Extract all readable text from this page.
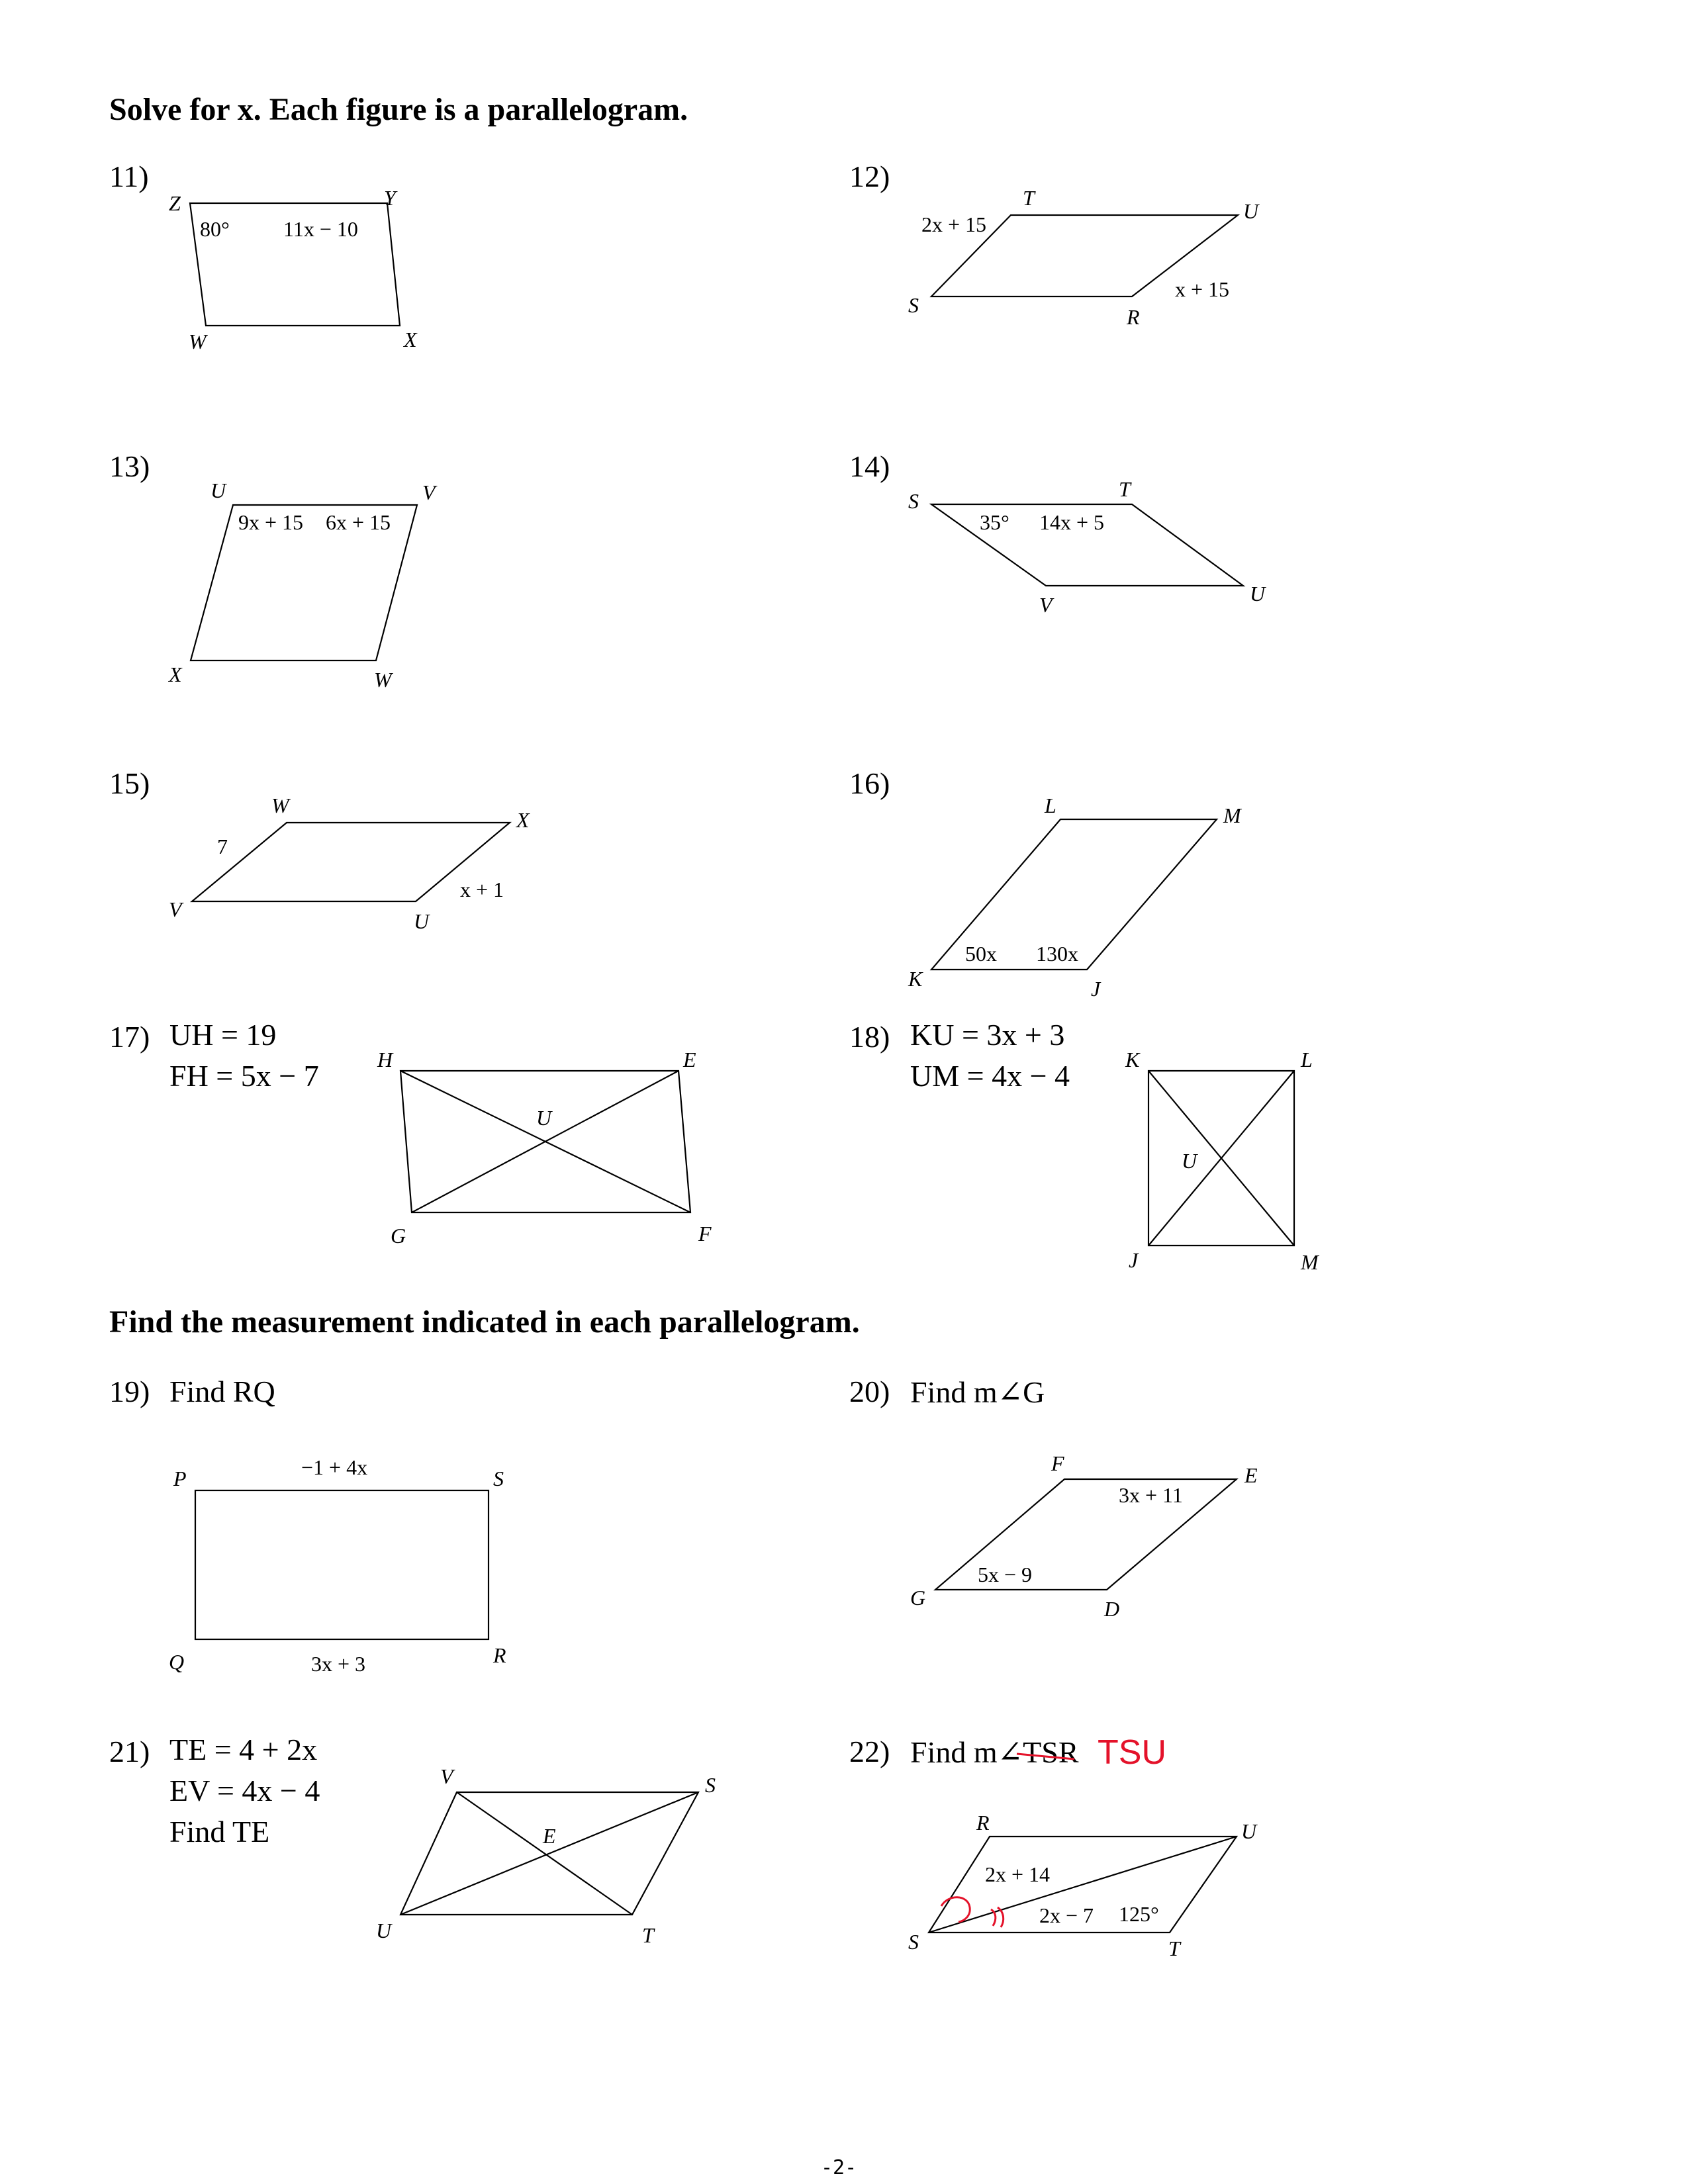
Solve for x. Each figure is a parallelogram.
Find the measurement indicated in each parallelogram.
11)	12)
13)	14)
15)	16)
17)	18)
19)	20)
21)	22)
UH = 19
FH = 5x − 7
KU = 3x + 3
UM = 4x − 4
Find RQ	Find m∠G
TE = 4 + 2x
EV = 4x − 4
Find TE
Find m∠TSR
-2-
Z	Y
W	X
80°	11x − 10
T
U
S	R
2x + 15
x + 15
U	V
X	W
9x + 15 6x + 15
S	T
V	U
35° 14x + 5
W
X
V	U
7
x + 1
L	M
K	J
50x 130x
H	E
U
G	F
K	L
U
J	M
P	S
Q	R
−1 + 4x
3x + 3
F	E
G	D
3x + 11
5x − 9
V	S
E
U	T
R	U
S	T
2x + 14
2x − 7 125°
TSU
